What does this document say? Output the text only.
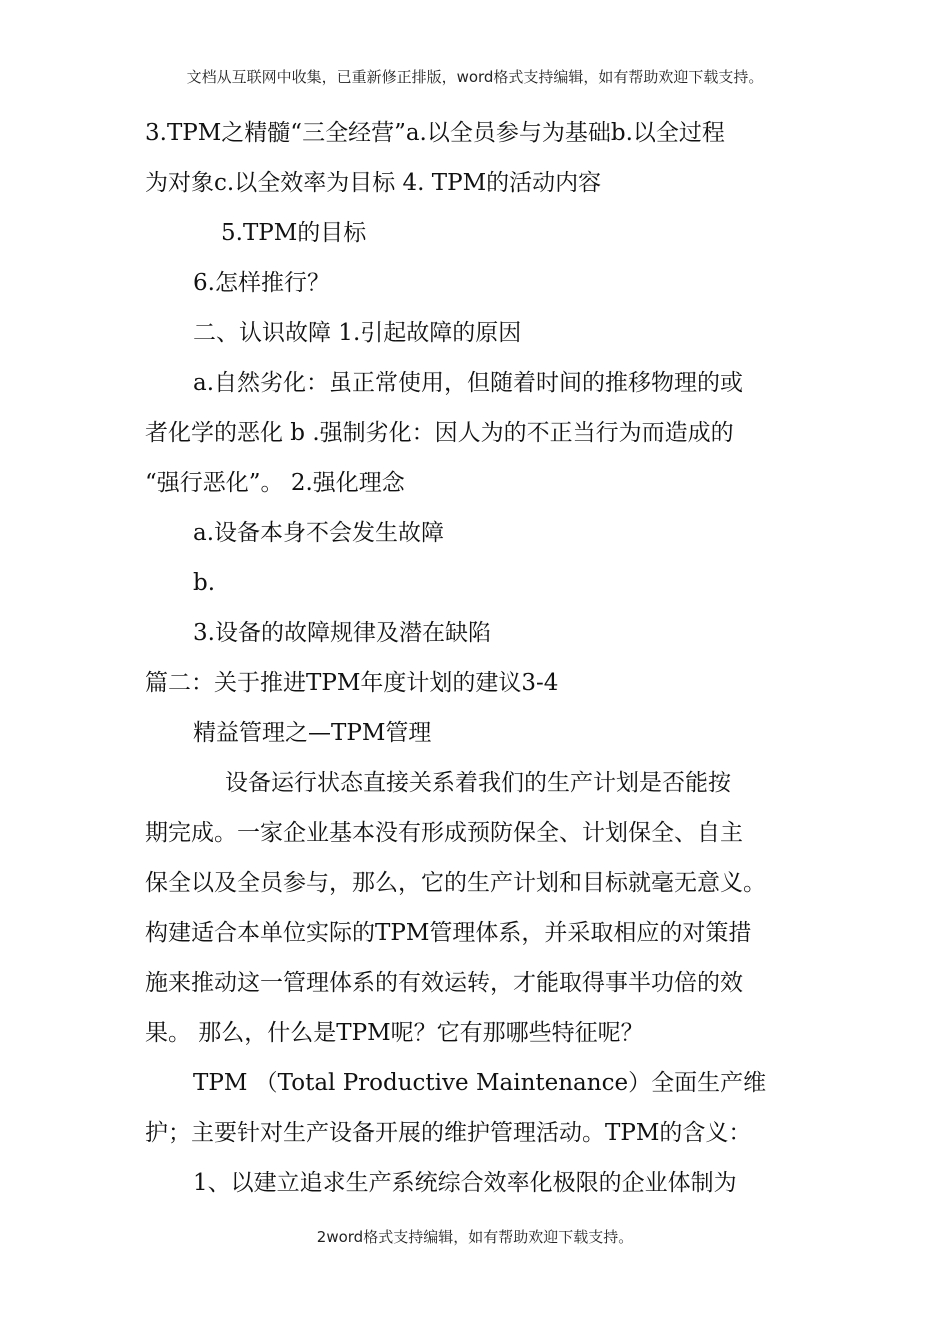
文档从互联网中收集，已重新修正排版，word格式支持编辑，如有帮助欢迎下载支持。
3.TPM之精髓“三全经营”a.以全员参与为基础b.以全过程
为对象c.以全效率为目标 4. TPM的活动内容
5.TPM的目标
6.怎样推行？
二、认识故障 1.引起故障的原因
a.自然劣化：虽正常使用，但随着时间的推移物理的或
者化学的恶化 b .强制劣化：因人为的不正当行为而造成的
“强行恶化”。 2.强化理念
a.设备本身不会发生故障
b.
3.设备的故障规律及潜在缺陷
篇二：关于推进TPM年度计划的建议3-4
精益管理之—TPM管理
设备运行状态直接关系着我们的生产计划是否能按
期完成。一家企业基本没有形成预防保全、计划保全、自主
保全以及全员参与，那么，它的生产计划和目标就毫无意义。
构建适合本单位实际的TPM管理体系，并采取相应的对策措
施来推动这一管理体系的有效运转，才能取得事半功倍的效
果。 那么，什么是TPM呢？它有那哪些特征呢？
TPM （Total Productive Maintenance）全面生产维
护；主要针对生产设备开展的维护管理活动。TPM的含义：
1、以建立追求生产系统综合效率化极限的企业体制为
2word格式支持编辑，如有帮助欢迎下载支持。
